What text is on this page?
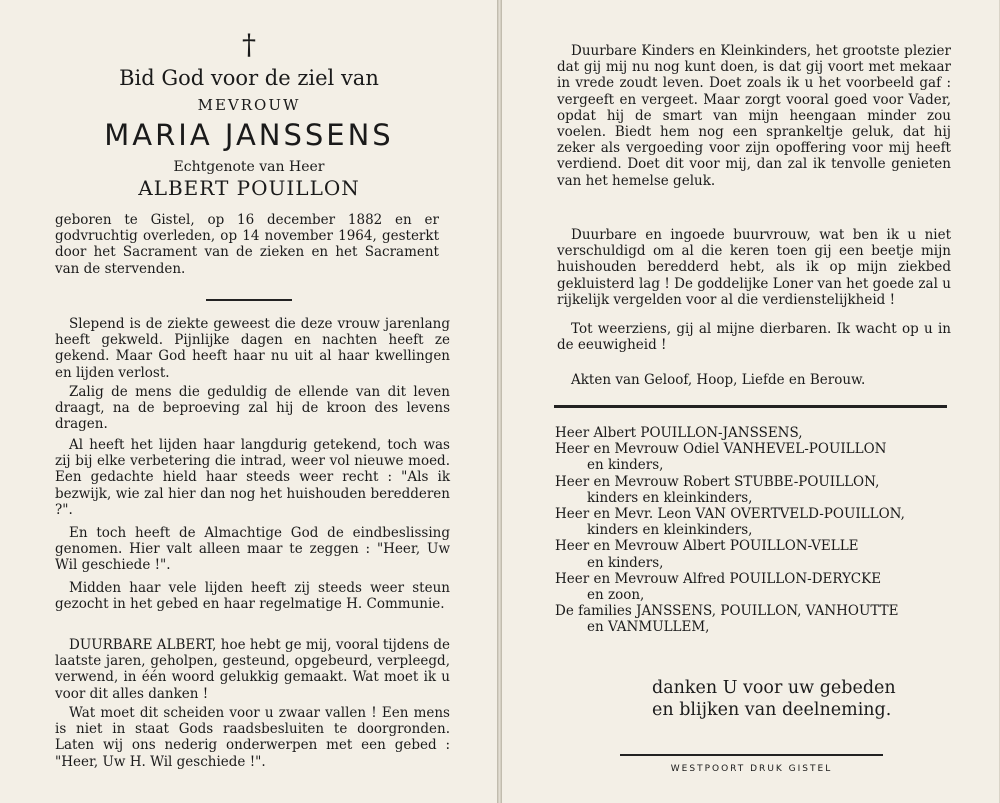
†
Bid God voor de ziel van
MEVROUW
MARIA JANSSENS
Echtgenote van Heer
ALBERT POUILLON
geboren te Gistel, op 16 december 1882 en er godvruchtig overleden, op 14 november 1964, gesterkt door het Sacrament van de zieken en het Sacrament van de stervenden.
Slepend is de ziekte geweest die deze vrouw jarenlang heeft gekweld. Pijnlijke dagen en nachten heeft ze gekend. Maar God heeft haar nu uit al haar kwellingen en lijden verlost.
Zalig de mens die geduldig de ellende van dit leven draagt, na de beproeving zal hij de kroon des levens dragen.
Al heeft het lijden haar langdurig getekend, toch was zij bij elke verbetering die intrad, weer vol nieuwe moed. Een gedachte hield haar steeds weer recht : "Als ik bezwijk, wie zal hier dan nog het huishouden beredderen ?".
En toch heeft de Almachtige God de eindbeslissing genomen. Hier valt alleen maar te zeggen : "Heer, Uw Wil geschiede !".
Midden haar vele lijden heeft zij steeds weer steun gezocht in het gebed en haar regelmatige H. Communie.
DUURBARE ALBERT, hoe hebt ge mij, vooral tijdens de laatste jaren, geholpen, gesteund, opgebeurd, verpleegd, verwend, in één woord gelukkig gemaakt. Wat moet ik u voor dit alles danken !
Wat moet dit scheiden voor u zwaar vallen ! Een mens is niet in staat Gods raadsbesluiten te doorgronden. Laten wij ons nederig onderwerpen met een gebed : "Heer, Uw H. Wil geschiede !".
Duurbare Kinders en Kleinkinders, het grootste plezier dat gij mij nu nog kunt doen, is dat gij voort met mekaar in vrede zoudt leven. Doet zoals ik u het voorbeeld gaf : vergeeft en vergeet. Maar zorgt vooral goed voor Vader, opdat hij de smart van mijn heengaan minder zou voelen. Biedt hem nog een sprankeltje geluk, dat hij zeker als vergoeding voor zijn opoffering voor mij heeft verdiend. Doet dit voor mij, dan zal ik tenvolle genieten van het hemelse geluk.
Duurbare en ingoede buurvrouw, wat ben ik u niet verschuldigd om al die keren toen gij een beetje mijn huishouden beredderd hebt, als ik op mijn ziekbed gekluisterd lag ! De goddelijke Loner van het goede zal u rijkelijk vergelden voor al die verdienstelijkheid !
Tot weerziens, gij al mijne dierbaren. Ik wacht op u in de eeuwigheid !
Akten van Geloof, Hoop, Liefde en Berouw.
Heer Albert POUILLON-JANSSENS,
Heer en Mevrouw Odiel VANHEVEL-POUILLON
en kinders,
Heer en Mevrouw Robert STUBBE-POUILLON,
kinders en kleinkinders,
Heer en Mevr. Leon VAN OVERTVELD-POUILLON,
kinders en kleinkinders,
Heer en Mevrouw Albert POUILLON-VELLE
en kinders,
Heer en Mevrouw Alfred POUILLON-DERYCKE
en zoon,
De families JANSSENS, POUILLON, VANHOUTTE
en VANMULLEM,
danken U voor uw gebeden
en blijken van deelneming.
WESTPOORT DRUK GISTEL
